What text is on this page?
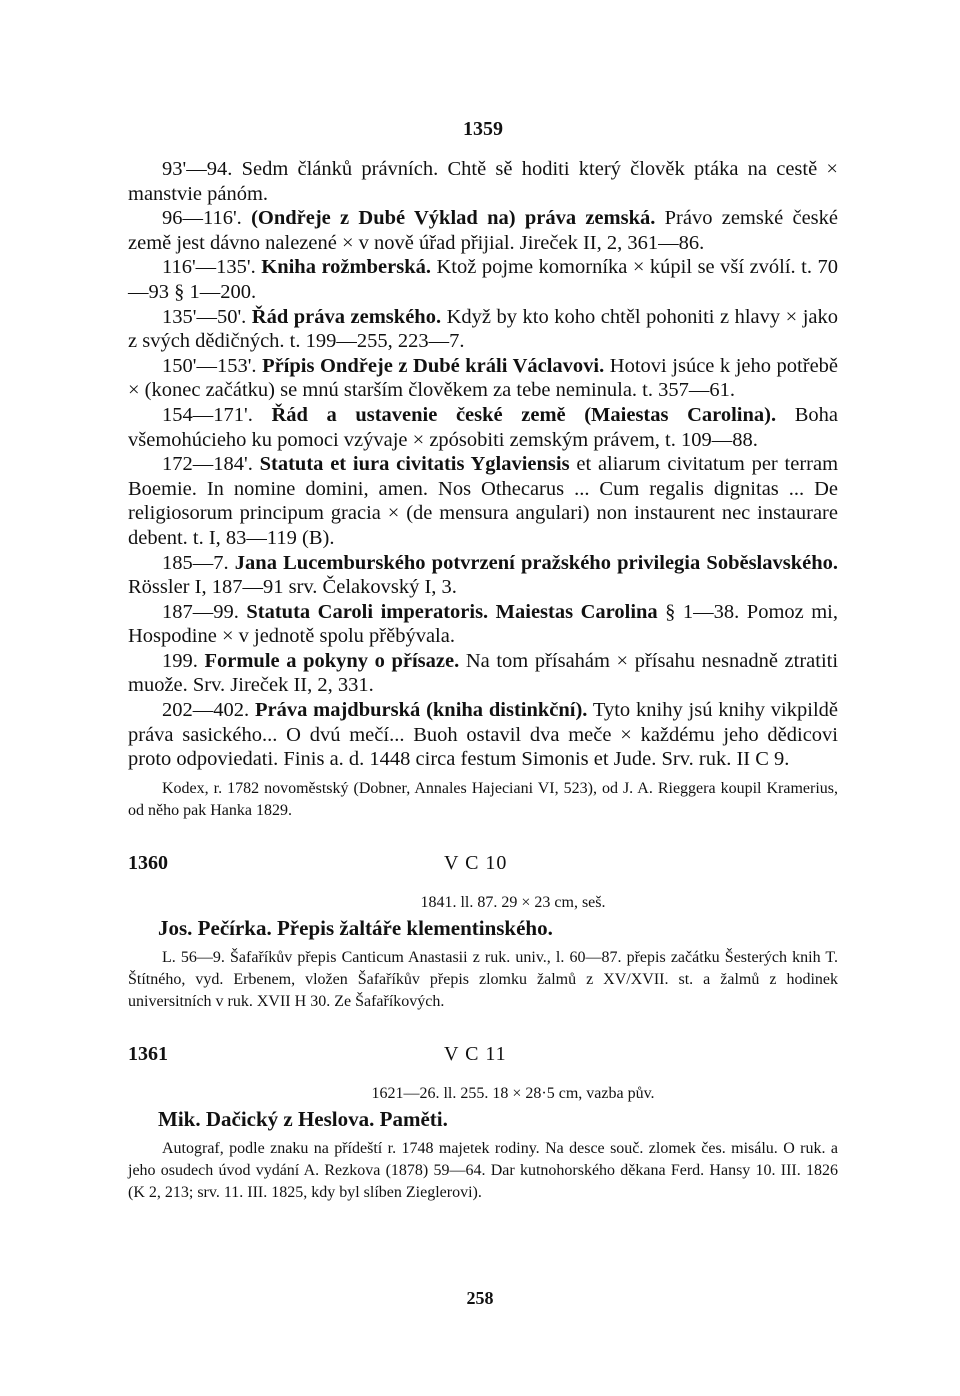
1359

93'—94. Sedm článků právních. Chtě sě hoditi který člověk ptáka na cestě × manstvie pánóm.

96—116'. (Ondřeje z Dubé Výklad na) práva zemská. Právo zemské české země jest dávno nalezené × v nově úřad přijial. Jireček II, 2, 361—86.

116'—135'. Kniha rožmberská. Ktož pojme komorníka × kúpil se vší zvólí. t. 70—93 § 1—200.

135'—50'. Řád práva zemského. Když by kto koho chtěl pohoniti z hlavy × jako z svých dědičných. t. 199—255, 223—7.

150'—153'. Přípis Ondřeje z Dubé králi Václavovi. Hotovi jsúce k jeho potřebě × (konec začátku) se mnú starším člověkem za tebe neminula. t. 357—61.

154—171'. Řád a ustavenie české země (Maiestas Carolina). Boha všemohúcieho ku pomoci vzývaje × zpósobiti zemským právem, t. 109—88.

172—184'. Statuta et iura civitatis Yglaviensis et aliarum civitatum per terram Boemie. In nomine domini, amen. Nos Othecarus ... Cum regalis dignitas ... De religiosorum principum gracia × (de mensura angulari) non instaurent nec instaurare debent. t. I, 83—119 (B).

185—7. Jana Lucemburského potvrzení pražského privilegia Soběslavského. Rössler I, 187—91 srv. Čelakovský I, 3.

187—99. Statuta Caroli imperatoris. Maiestas Carolina § 1—38. Pomoz mi, Hospodine × v jednotě spolu přěbývala.

199. Formule a pokyny o přísaze. Na tom přísahám × přísahu nesnadně ztratiti muože. Srv. Jireček II, 2, 331.

202—402. Práva majdburská (kniha distinkční). Tyto knihy jsú knihy vikpildě práva sasického... O dvú mečí... Buoh ostavil dva meče × každému jeho dědicovi proto odpoviedati. Finis a. d. 1448 circa festum Simonis et Jude. Srv. ruk. II C 9.

Kodex, r. 1782 novoměstský (Dobner, Annales Hajeciani VI, 523), od J. A. Rieggera koupil Kramerius, od něho pak Hanka 1829.

1360	V C 10
1841. ll. 87. 29 × 23 cm, seš.
Jos. Pečírka. Přepis žaltáře klementinského.

L. 56—9. Šafaříkův přepis Canticum Anastasii z ruk. univ., l. 60—87. přepis začátku Šesterých knih T. Štítného, vyd. Erbenem, vložen Šafaříkův přepis zlomku žalmů z XV/XVII. st. a žalmů z hodinek universitních v ruk. XVII H 30. Ze Šafaříkových.

1361	V C 11
1621—26. ll. 255. 18 × 28·5 cm, vazba pův.
Mik. Dačický z Heslova. Paměti.

Autograf, podle znaku na přídeští r. 1748 majetek rodiny. Na desce souč. zlomek čes. misálu. O ruk. a jeho osudech úvod vydání A. Rezkova (1878) 59—64. Dar kutnohorského děkana Ferd. Hansy 10. III. 1826 (K 2, 213; srv. 11. III. 1825, kdy byl slíben Zieglerovi).

258
